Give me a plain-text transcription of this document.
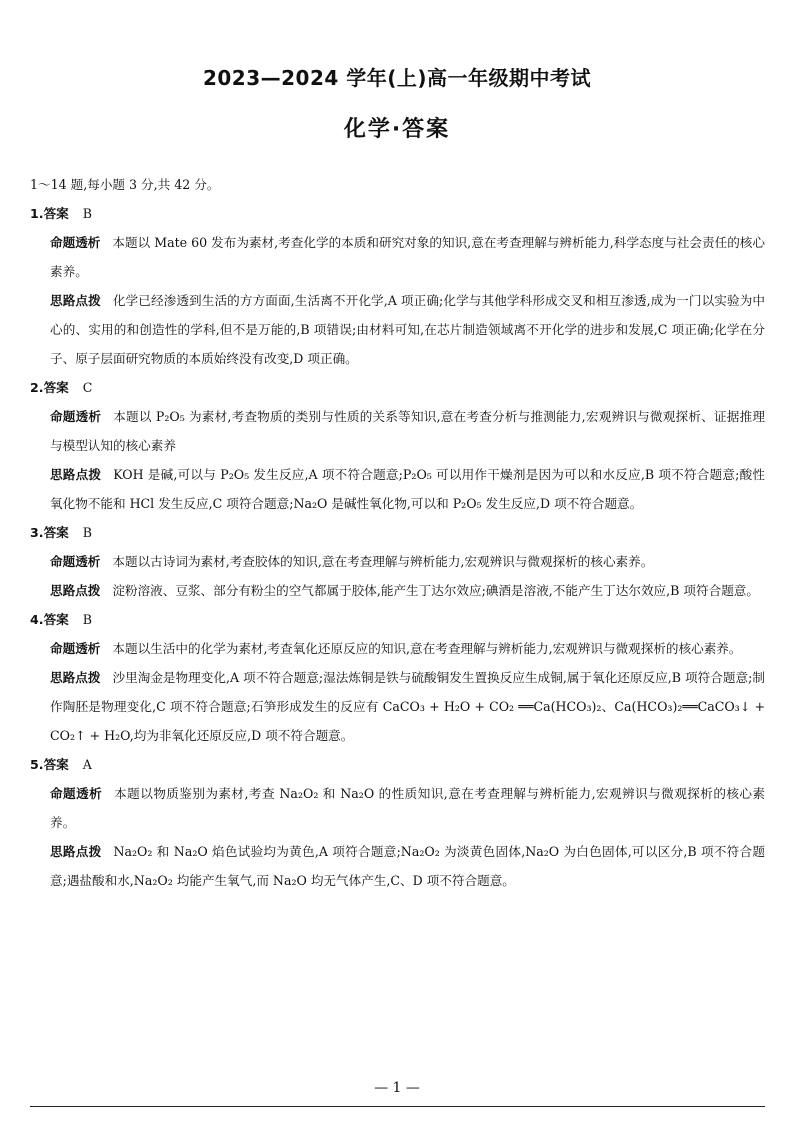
2023—2024 学年(上)高一年级期中考试
化学·答案

1～14 题,每小题 3 分,共 42 分。

1.答案 B

命题透析 本题以 Mate 60 发布为素材,考查化学的本质和研究对象的知识,意在考查理解与辨析能力,科学态度与社会责任的核心素养。

思路点拨 化学已经渗透到生活的方方面面,生活离不开化学,A 项正确;化学与其他学科形成交叉和相互渗透,成为一门以实验为中心的、实用的和创造性的学科,但不是万能的,B 项错误;由材料可知,在芯片制造领域离不开化学的进步和发展,C 项正确;化学在分子、原子层面研究物质的本质始终没有改变,D 项正确。

2.答案 C

命题透析 本题以 P₂O₅ 为素材,考查物质的类别与性质的关系等知识,意在考查分析与推测能力,宏观辨识与微观探析、证据推理与模型认知的核心素养

思路点拨 KOH 是碱,可以与 P₂O₅ 发生反应,A 项不符合题意;P₂O₅ 可以用作干燥剂是因为可以和水反应,B 项不符合题意;酸性氧化物不能和 HCl 发生反应,C 项符合题意;Na₂O 是碱性氧化物,可以和 P₂O₅ 发生反应,D 项不符合题意。

3.答案 B

命题透析 本题以古诗词为素材,考查胶体的知识,意在考查理解与辨析能力,宏观辨识与微观探析的核心素养。

思路点拨 淀粉溶液、豆浆、部分有粉尘的空气都属于胶体,能产生丁达尔效应;碘酒是溶液,不能产生丁达尔效应,B 项符合题意。

4.答案 B

命题透析 本题以生活中的化学为素材,考查氧化还原反应的知识,意在考查理解与辨析能力,宏观辨识与微观探析的核心素养。

思路点拨 沙里淘金是物理变化,A 项不符合题意;湿法炼铜是铁与硫酸铜发生置换反应生成铜,属于氧化还原反应,B 项符合题意;制作陶胚是物理变化,C 项不符合题意;石笋形成发生的反应有 CaCO₃ + H₂O + CO₂ ══Ca(HCO₃)₂、Ca(HCO₃)₂══CaCO₃↓ + CO₂↑ + H₂O,均为非氧化还原反应,D 项不符合题意。

5.答案 A

命题透析 本题以物质鉴别为素材,考查 Na₂O₂ 和 Na₂O 的性质知识,意在考查理解与辨析能力,宏观辨识与微观探析的核心素养。

思路点拨 Na₂O₂ 和 Na₂O 焰色试验均为黄色,A 项符合题意;Na₂O₂ 为淡黄色固体,Na₂O 为白色固体,可以区分,B 项不符合题意;遇盐酸和水,Na₂O₂ 均能产生氧气,而 Na₂O 均无气体产生,C、D 项不符合题意。

— 1 —
